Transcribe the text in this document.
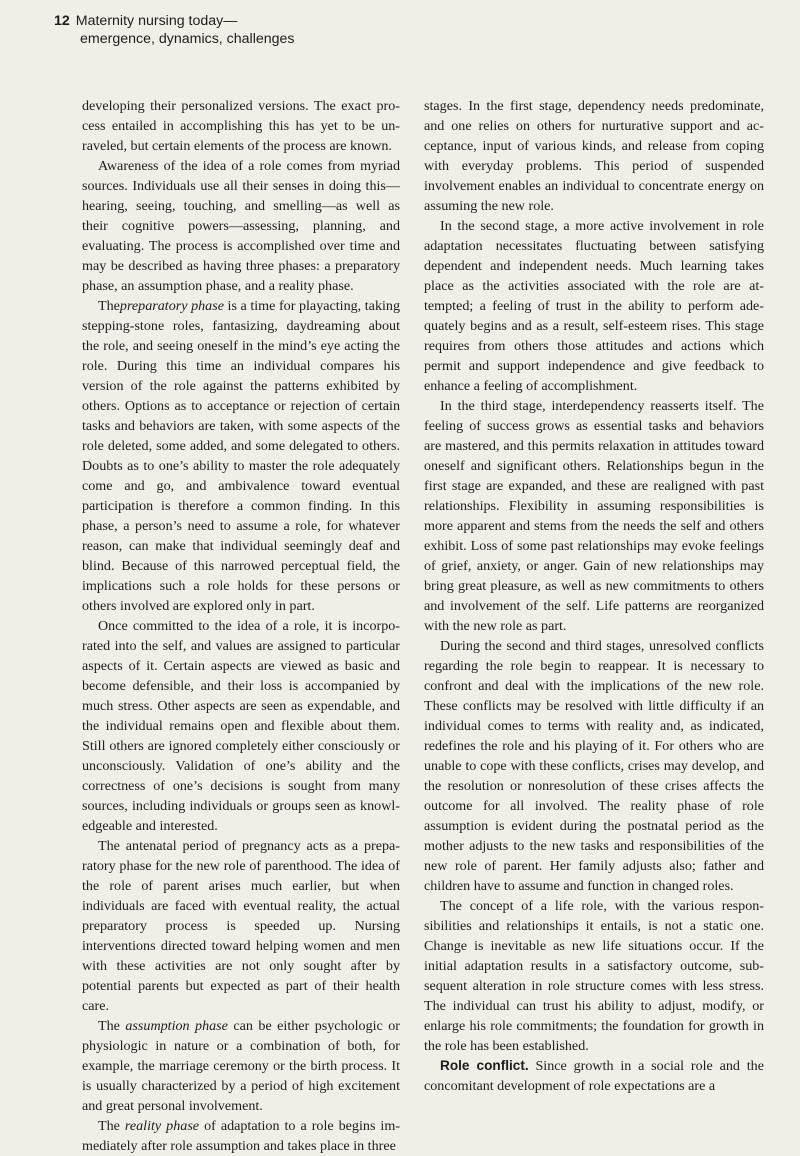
12 Maternity nursing today—
emergence, dynamics, challenges

developing their personalized versions. The exact process entailed in accomplishing this has yet to be unraveled, but certain elements of the process are known.

Awareness of the idea of a role comes from myriad sources. Individuals use all their senses in doing this— hearing, seeing, touching, and smelling—as well as their cognitive powers—assessing, planning, and evaluating. The process is accomplished over time and may be described as having three phases: a preparatory phase, an assumption phase, and a reality phase.

Thepreparatory phase is a time for playacting, taking stepping-stone roles, fantasizing, daydreaming about the role, and seeing oneself in the mind’s eye acting the role. During this time an individual compares his version of the role against the patterns exhibited by others. Options as to acceptance or rejection of certain tasks and behaviors are taken, with some aspects of the role deleted, some added, and some delegated to others. Doubts as to one’s ability to master the role adequately come and go, and ambivalence toward eventual participation is therefore a common finding. In this phase, a person’s need to assume a role, for whatever reason, can make that individual seemingly deaf and blind. Because of this narrowed perceptual field, the implications such a role holds for these persons or others involved are explored only in part.

Once committed to the idea of a role, it is incorporated into the self, and values are assigned to particular aspects of it. Certain aspects are viewed as basic and become defensible, and their loss is accompanied by much stress. Other aspects are seen as expendable, and the individual remains open and flexible about them. Still others are ignored completely either consciously or unconsciously. Validation of one’s ability and the correctness of one’s decisions is sought from many sources, including individuals or groups seen as knowledgeable and interested.

The antenatal period of pregnancy acts as a preparatory phase for the new role of parenthood. The idea of the role of parent arises much earlier, but when individuals are faced with eventual reality, the actual preparatory process is speeded up. Nursing interventions directed toward helping women and men with these activities are not only sought after by potential parents but expected as part of their health care.

The assumption phase can be either psychologic or physiologic in nature or a combination of both, for example, the marriage ceremony or the birth process. It is usually characterized by a period of high excitement and great personal involvement.

The reality phase of adaptation to a role begins immediately after role assumption and takes place in three

stages. In the first stage, dependency needs predominate, and one relies on others for nurturative support and acceptance, input of various kinds, and release from coping with everyday problems. This period of suspended involvement enables an individual to concentrate energy on assuming the new role.

In the second stage, a more active involvement in role adaptation necessitates fluctuating between satisfying dependent and independent needs. Much learning takes place as the activities associated with the role are attempted; a feeling of trust in the ability to perform adequately begins and as a result, self-esteem rises. This stage requires from others those attitudes and actions which permit and support independence and give feedback to enhance a feeling of accomplishment.

In the third stage, interdependency reasserts itself. The feeling of success grows as essential tasks and behaviors are mastered, and this permits relaxation in attitudes toward oneself and significant others. Relationships begun in the first stage are expanded, and these are realigned with past relationships. Flexibility in assuming responsibilities is more apparent and stems from the needs the self and others exhibit. Loss of some past relationships may evoke feelings of grief, anxiety, or anger. Gain of new relationships may bring great pleasure, as well as new commitments to others and involvement of the self. Life patterns are reorganized with the new role as part.

During the second and third stages, unresolved conflicts regarding the role begin to reappear. It is necessary to confront and deal with the implications of the new role. These conflicts may be resolved with little difficulty if an individual comes to terms with reality and, as indicated, redefines the role and his playing of it. For others who are unable to cope with these conflicts, crises may develop, and the resolution or nonresolution of these crises affects the outcome for all involved. The reality phase of role assumption is evident during the postnatal period as the mother adjusts to the new tasks and responsibilities of the new role of parent. Her family adjusts also; father and children have to assume and function in changed roles.

The concept of a life role, with the various responsibilities and relationships it entails, is not a static one. Change is inevitable as new life situations occur. If the initial adaptation results in a satisfactory outcome, subsequent alteration in role structure comes with less stress. The individual can trust his ability to adjust, modify, or enlarge his role commitments; the foundation for growth in the role has been established.

Role conflict. Since growth in a social role and the concomitant development of role expectations are a
